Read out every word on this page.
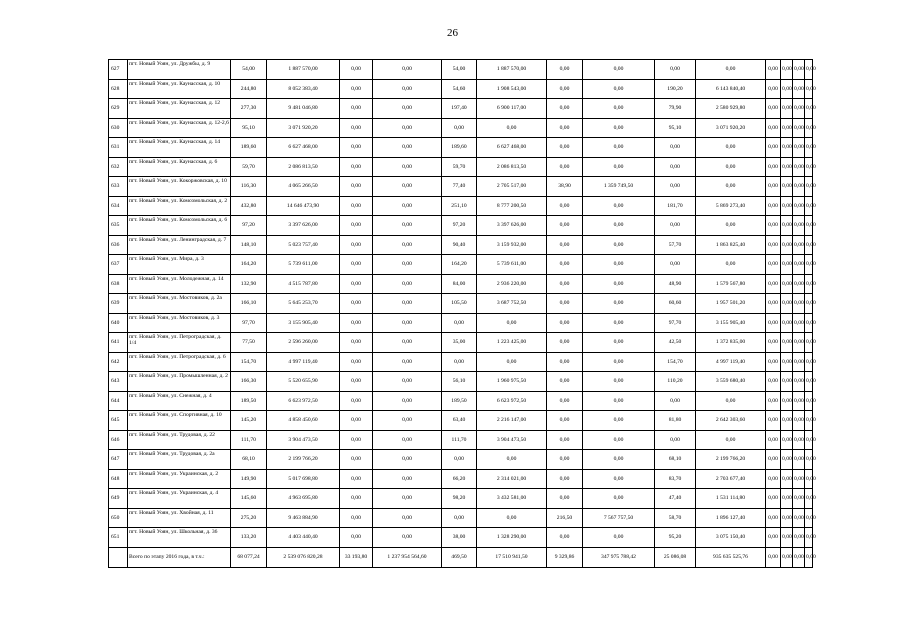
26
627	пгт. Новый Уоян, ул. Дружбы, д. 9	54,00	1 887 570,00	0,00	0,00	54,00	1 887 570,00	0,00	0,00	0,00	0,00	0,00	0,00	0,00	0,00
628	пгт. Новый Уоян, ул. Каунасская, д. 10	244,80	8 052 383,40	0,00	0,00	54,60	1 908 543,00	0,00	0,00	190,20	6 143 840,40	0,00	0,00	0,00	0,00
629	пгт. Новый Уоян, ул. Каунасская, д. 12	277,30	9 481 046,80	0,00	0,00	197,40	6 900 117,00	0,00	0,00	79,90	2 580 929,80	0,00	0,00	0,00	0,00
630	пгт. Новый Уоян, ул. Каунасская, д. 12-2,6	95,10	3 071 920,20	0,00	0,00	0,00	0,00	0,00	0,00	95,10	3 071 920,20	0,00	0,00	0,00	0,00
631	пгт. Новый Уоян, ул. Каунасская, д. 14	189,60	6 627 468,00	0,00	0,00	189,60	6 627 468,00	0,00	0,00	0,00	0,00	0,00	0,00	0,00	0,00
632	пгт. Новый Уоян, ул. Каунасская, д. 6	59,70	2 086 813,50	0,00	0,00	59,70	2 086 813,50	0,00	0,00	0,00	0,00	0,00	0,00	0,00	0,00
633	пгт. Новый Уоян, ул. Кокоржовская, д. 10	116,30	4 065 266,50	0,00	0,00	77,40	2 705 517,00	38,90	1 359 749,50	0,00	0,00	0,00	0,00	0,00	0,00
634	пгт. Новый Уоян, ул. Комсомольская, д. 2	432,80	14 646 473,90	0,00	0,00	251,10	8 777 200,50	0,00	0,00	181,70	5 869 273,40	0,00	0,00	0,00	0,00
635	пгт. Новый Уоян, ул. Комсомольская, д. 6	97,20	3 397 626,00	0,00	0,00	97,20	3 397 626,00	0,00	0,00	0,00	0,00	0,00	0,00	0,00	0,00
636	пгт. Новый Уоян, ул. Ленинградская, д. 7	148,10	5 023 757,40	0,00	0,00	90,40	3 159 932,00	0,00	0,00	57,70	1 863 825,40	0,00	0,00	0,00	0,00
637	пгт. Новый Уоян, ул. Мира, д. 3	164,20	5 739 611,00	0,00	0,00	164,20	5 739 611,00	0,00	0,00	0,00	0,00	0,00	0,00	0,00	0,00
638	пгт. Новый Уоян, ул. Молодежная, д. 14	132,90	4 515 787,80	0,00	0,00	84,00	2 936 220,00	0,00	0,00	48,90	1 579 567,80	0,00	0,00	0,00	0,00
639	пгт. Новый Уоян, ул. Мостовиков, д. 2а	166,10	5 645 253,70	0,00	0,00	105,50	3 687 752,50	0,00	0,00	60,60	1 957 501,20	0,00	0,00	0,00	0,00
640	пгт. Новый Уоян, ул. Мостовиков, д. 3	97,70	3 155 905,40	0,00	0,00	0,00	0,00	0,00	0,00	97,70	3 155 905,40	0,00	0,00	0,00	0,00
641	пгт. Новый Уоян, ул. Петроградская, д. 1/4	77,50	2 596 260,00	0,00	0,00	35,00	1 223 425,00	0,00	0,00	42,50	1 372 835,00	0,00	0,00	0,00	0,00
642	пгт. Новый Уоян, ул. Петроградская, д. 6	154,70	4 997 119,40	0,00	0,00	0,00	0,00	0,00	0,00	154,70	4 997 119,40	0,00	0,00	0,00	0,00
643	пгт. Новый Уоян, ул. Промышленная, д. 2	166,30	5 520 655,90	0,00	0,00	56,10	1 960 975,50	0,00	0,00	110,20	3 559 680,40	0,00	0,00	0,00	0,00
644	пгт. Новый Уоян, ул. Снежная, д. 4	189,50	6 623 972,50	0,00	0,00	189,50	6 623 972,50	0,00	0,00	0,00	0,00	0,00	0,00	0,00	0,00
645	пгт. Новый Уоян, ул. Спортивная, д. 10	145,20	4 858 450,60	0,00	0,00	63,40	2 216 147,00	0,00	0,00	81,80	2 642 303,60	0,00	0,00	0,00	0,00
646	пгт. Новый Уоян, ул. Трудовая, д. 22	111,70	3 904 473,50	0,00	0,00	111,70	3 904 473,50	0,00	0,00	0,00	0,00	0,00	0,00	0,00	0,00
647	пгт. Новый Уоян, ул. Трудовая, д. 2а	68,10	2 199 766,20	0,00	0,00	0,00	0,00	0,00	0,00	68,10	2 199 766,20	0,00	0,00	0,00	0,00
648	пгт. Новый Уоян, ул. Украинская, д. 2	149,90	5 017 698,80	0,00	0,00	66,20	2 314 021,00	0,00	0,00	83,70	2 703 677,40	0,00	0,00	0,00	0,00
649	пгт. Новый Уоян, ул. Украинская, д. 4	145,60	4 963 695,80	0,00	0,00	98,20	3 432 581,00	0,00	0,00	47,40	1 531 114,80	0,00	0,00	0,00	0,00
650	пгт. Новый Уоян, ул. Хвойная, д. 11	275,20	9 463 884,90	0,00	0,00	0,00	0,00	216,50	7 567 757,50	58,70	1 896 127,40	0,00	0,00	0,00	0,00
651	пгт. Новый Уоян, ул. Школьная, д. 36	133,20	4 403 440,40	0,00	0,00	38,00	1 328 290,00	0,00	0,00	95,20	3 075 150,40	0,00	0,00	0,00	0,00
	Всего по этапу 2016 года, в т.ч.:	68 077,24	2 539 076 820,28	33 193,80	1 237 954 564,60	469,50	17 510 941,50	9 329,86	347 975 788,42	25 086,08	935 635 525,76	0,00	0,00	0,00	0,00
